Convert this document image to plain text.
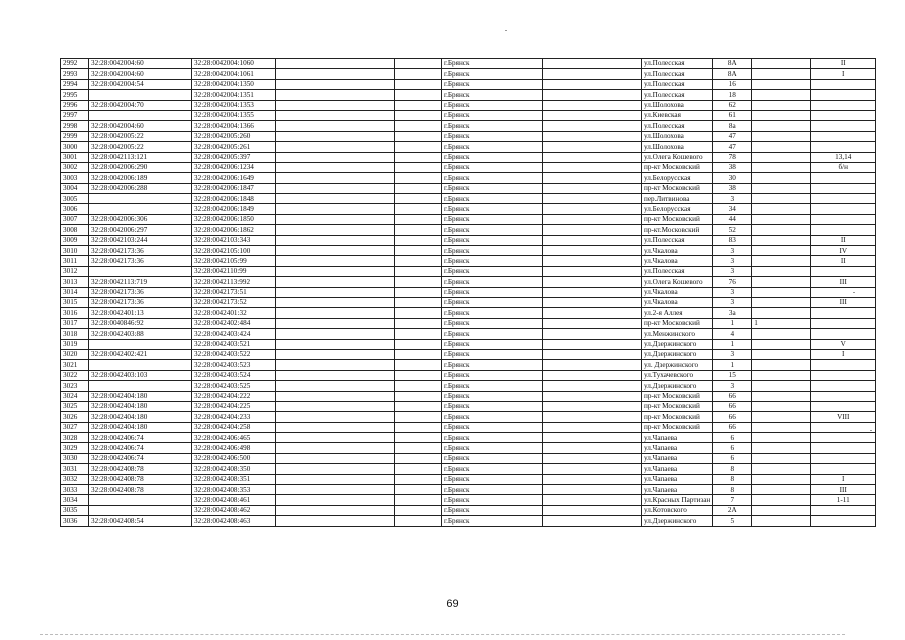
2992	32:28:0042004:60	32:28:0042004:1060			г.Брянск		ул.Полесская	8А		II
2993	32:28:0042004:60	32:28:0042004:1061			г.Брянск		ул.Полесская	8А		I
2994	32:28:0042004:54	32:28:0042004:1350			г.Брянск		ул.Полесская	16		
2995		32:28:0042004:1351			г.Брянск		ул.Полесская	18		
2996	32:28:0042004:70	32:28:0042004:1353			г.Брянск		ул.Шолохова	62		
2997		32:28:0042004:1355			г.Брянск		ул.Киевская	61		
2998	32:28:0042004:60	32:28:0042004:1366			г.Брянск		ул.Полесская	8а		
2999	32:28:0042005:22	32:28:0042005:260			г.Брянск		ул.Шолохова	47		
3000	32:28:0042005:22	32:28:0042005:261			г.Брянск		ул.Шолохова	47		
3001	32:28:0042113:121	32:28:0042005:397			г.Брянск		ул.Олега Кошевого	78		13,14
3002	32:28:0042006:290	32:28:0042006:1234			г.Брянск		пр-кт Московский	38		б/н
3003	32:28:0042006:189	32:28:0042006:1649			г.Брянск		ул.Белорусская	30		
3004	32:28:0042006:288	32:28:0042006:1847			г.Брянск		пр-кт Московский	38		
3005		32:28:0042006:1848			г.Брянск		пер.Литвинова	3		
3006		32:28:0042006:1849			г.Брянск		ул.Белорусская	34		
3007	32:28:0042006:306	32:28:0042006:1850			г.Брянск		пр-кт Московский	44		
3008	32:28:0042006:297	32:28:0042006:1862			г.Брянск		пр-кт.Московский	52		
3009	32:28:0042103:244	32:28:0042103:343			г.Брянск		ул.Полесская	83		II
3010	32:28:0042173:36	32:28:0042105:100			г.Брянск		ул.Чкалова	3		IV
3011	32:28:0042173:36	32:28:0042105:99			г.Брянск		ул.Чкалова	3		II
3012		32:28:0042110:99			г.Брянск		ул.Полесская	3		
3013	32:28:0042113:719	32:28:0042113:992			г.Брянск		ул.Олега Кошевого	76		III
3014	32:28:0042173:36	32:28:0042173:51			г.Брянск		ул.Чкалова	3		
3015	32:28:0042173:36	32:28:0042173:52			г.Брянск		ул.Чкалова	3		III
3016	32:28:0042401:13	32:28:0042401:32			г.Брянск		ул.2-я Аллея	3а		
3017	32:28:0040846:92	32:28:0042402:484			г.Брянск		пр-кт Московский	1	1	
3018	32:28:0042403:88	32:28:0042403:424			г.Брянск		ул.Менжинского	4		
3019		32:28:0042403:521			г.Брянск		ул.Дзержинского	1		V
3020	32:28:0042402:421	32:28:0042403:522			г.Брянск		ул.Дзержинского	3		I
3021		32:28:0042403:523			г.Брянск		ул. Дзержинского	1		
3022	32:28:0042403:103	32:28:0042403:524			г.Брянск		ул.Тухачевского	15		
3023		32:28:0042403:525			г.Брянск		ул.Дзержинского	3		
3024	32:28:0042404:180	32:28:0042404:222			г.Брянск		пр-кт Московский	66		
3025	32:28:0042404:180	32:28:0042404:225			г.Брянск		пр-кт Московский	66		
3026	32:28:0042404:180	32:28:0042404:233			г.Брянск		пр-кт Московский	66		VIII
3027	32:28:0042404:180	32:28:0042404:258			г.Брянск		пр-кт Московский	66		
3028	32:28:0042406:74	32:28:0042406:465			г.Брянск		ул.Чапаева	6		
3029	32:28:0042406:74	32:28:0042406:498			г.Брянск		ул.Чапаева	6		
3030	32:28:0042406:74	32:28:0042406:500			г.Брянск		ул.Чапаева	6		
3031	32:28:0042408:78	32:28:0042408:350			г.Брянск		ул.Чапаева	8		
3032	32:28:0042408:78	32:28:0042408:351			г.Брянск		ул.Чапаева	8		I
3033	32:28:0042408:78	32:28:0042408:353			г.Брянск		ул.Чапаева	8		III
3034		32:28:0042408:461			г.Брянск		ул.Красных Партизан	7		1-11
3035		32:28:0042408:462			г.Брянск		ул.Котовского	2А		
3036	32:28:0042408:54	32:28:0042408:463			г.Брянск		ул.Дзержинского	5		
69
